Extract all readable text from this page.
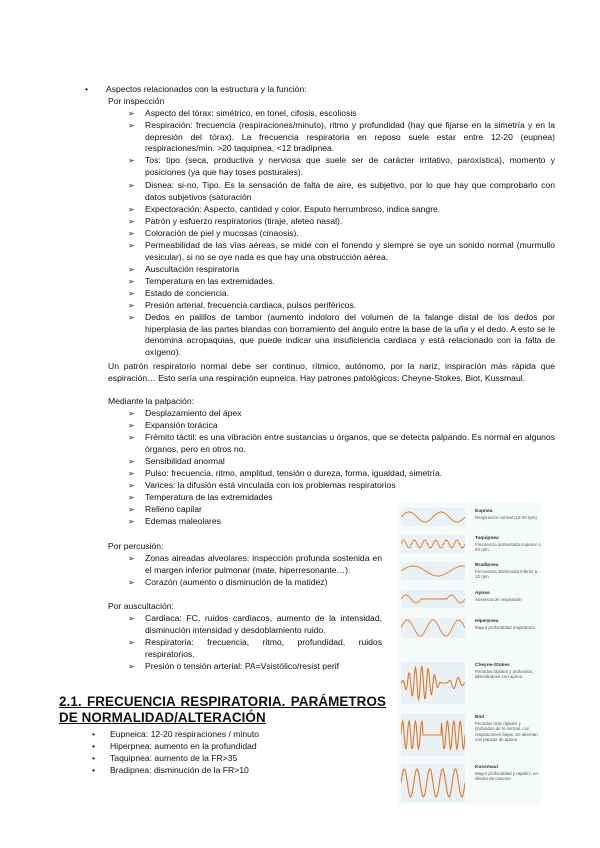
• Aspectos relacionados con la estructura y la función:
Por inspección
➢ Aspecto del tórax: simétrico, en tonel, cifosis, escoliosis
➢ Respiración: frecuencia (respiraciones/minuto), ritmo y profundidad (hay que fijarse en la simetría y en la depresión del tórax). La frecuencia respiratoria en reposo suele estar entre 12-20 (eupnea) respiraciones/min. >20 taquipnea, <12 bradipnea.
➢ Tos: tipo (seca, productiva y nerviosa que suele ser de carácter irritativo, paroxística), momento y posiciones (ya que hay toses posturales).
➢ Disnea: si-no, Tipo. Es la sensación de falta de aire, es subjetivo, por lo que hay que comprobarlo con datos subjetivos (saturación
➢ Expectoración: Aspecto, cantidad y color. Esputo herrumbroso, indica sangre.
➢ Patrón y esfuerzo respiratorios (tiraje, aleteo nasal).
➢ Coloración de piel y mucosas (cinaosis).
➢ Permeabilidad de las vías aéreas, se mide con el fonendo y siempre se oye un sonido normal (murmullo vesicular), si no se oye nada es que hay una obstrucción aérea.
➢ Auscultación respiratoria
➢ Temperatura en las extremidades.
➢ Estado de conciencia.
➢ Presión arterial, frecuencia cardiaca, pulsos periféricos.
➢ Dedos en palillos de tambor (aumento indoloro del volumen de la falange distal de los dedos por hiperplasia de las partes blandas con borramiento del ángulo entre la base de la uña y el dedo. A esto se le denomina acropaquias, que puede indicar una insuficiencia cardiaca y está relacionado con la falta de oxígeno).
Un patrón respiratorio normal debe ser continuo, rítmico, autónomo, por la nariz, inspiración más rápida que espiración… Esto sería una respiración eupneica. Hay patrones patológicos: Cheyne-Stokes, Biot, Kussmaul.
Mediante la palpación:
➢ Desplazamiento del ápex
➢ Expansión torácica
➢ Frémito táctil: es una vibración entre sustancias u órganos, que se detecta palpando. Es normal en algunos órganos, pero en otros no.
➢ Sensibilidad anormal
➢ Pulso: frecuencia, ritmo, amplitud, tensión o dureza, forma, igualdad, simetría.
➢ Varices: la difusión está vinculada con los problemas respiratorios
➢ Temperatura de las extremidades
➢ Relleno capilar
➢ Edemas maleolares
Por percusión:
➢ Zonas aireadas alveolares: inspección profunda sostenida en el margen inferior pulmonar (mate, hiperresonante…).
➢ Corazón (aumento o disminución de la matidez)
Por auscultación:
➢ Cardiaca: FC, ruidos cardiacos, aumento de la intensidad, disminución intensidad y desdoblamiento ruido.
➢ Respiratoria: frecuencia, ritmo, profundidad, ruidos respiratorios.
➢ Presión o tensión arterial: PA=Vsistólico/resist perif
2.1. FRECUENCIA RESPIRATORIA. PARÁMETROS DE NORMALIDAD/ALTERACIÓN
• Eupneica: 12-20 respiraciones / minuto
• Hiperpnea: aumento en la profundidad
• Taquipnea: aumento de la FR>35
• Bradipnea: disminución de la FR>10
Eupnea
Respiración normal (12-20 rpm)
Taquipnea
Frecuencia aumentada superior a 20 rpm
Bradipnea
Frecuencia disminuida inferior a 12 rpm
Apnea
Ausencia de respiración
Hiperpnea
Mayor profundidad respiratoria
Cheyne-Stokes
Periodos rápidos y profundos, alternándose con apnea
Biot
Periodos más rápidos y profundos de lo normal, con respiraciones bajas. Se alternan con pausas de apnea
Kussmaul
Mayor profundidad y rapidez, en aliento de cetonas
